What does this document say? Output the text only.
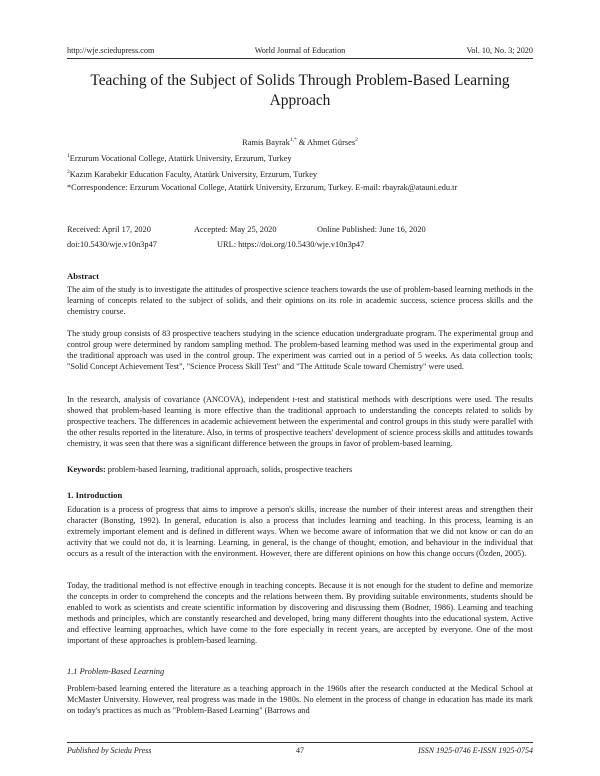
http://wje.sciedupress.com	World Journal of Education	Vol. 10, No. 3; 2020
Teaching of the Subject of Solids Through Problem-Based Learning
Approach
Ramis Bayrak$^{1,*}$ & Ahmet Gürses$^2$
$^1$Erzurum Vocational College, Atatürk University, Erzurum, Turkey
$^2$Kazım Karabekir Education Faculty, Atatürk University, Erzurum, Turkey
*Correspondence: Erzurum Vocational College, Atatürk University, Erzurum, Turkey. E-mail: rbayrak@atauni.edu.tr
Received: April 17, 2020	Accepted: May 25, 2020	Online Published: June 16, 2020
doi:10.5430/wje.v10n3p47	URL: https://doi.org/10.5430/wje.v10n3p47
Abstract

The aim of the study is to investigate the attitudes of prospective science teachers towards the use of problem-based learning methods in the learning of concepts related to the subject of solids, and their opinions on its role in academic success, science process skills and the chemistry course.

The study group consists of 83 prospective teachers studying in the science education undergraduate program. The experimental group and control group were determined by random sampling method. The problem-based learning method was used in the experimental group and the traditional approach was used in the control group. The experiment was carried out in a period of 5 weeks. As data collection tools; "Solid Concept Achievement Test", "Science Process Skill Test" and "The Attitude Scale toward Chemistry" were used.

In the research, analysis of covariance (ANCOVA), independent t-test and statistical methods with descriptions were used. The results showed that problem-based learning is more effective than the traditional approach to understanding the concepts related to solids by prospective teachers. The differences in academic achievement between the experimental and control groups in this study were parallel with the other results reported in the literature. Also, in terms of prospective teachers' development of science process skills and attitudes towards chemistry, it was seen that there was a significant difference between the groups in favor of problem-based learning.

Keywords: problem-based learning, traditional approach, solids, prospective teachers

1. Introduction

Education is a process of progress that aims to improve a person's skills, increase the number of their interest areas and strengthen their character (Bonsting, 1992). In general, education is also a process that includes learning and teaching. In this process, learning is an extremely important element and is defined in different ways. When we become aware of information that we did not know or can do an activity that we could not do, it is learning. Learning, in general, is the change of thought, emotion, and behaviour in the individual that occurs as a result of the interaction with the environment. However, there are different opinions on how this change occurs (Özden, 2005).

Today, the traditional method is not effective enough in teaching concepts. Because it is not enough for the student to define and memorize the concepts in order to comprehend the concepts and the relations between them. By providing suitable environments, students should be enabled to work as scientists and create scientific information by discovering and discussing them (Bodner, 1986). Learning and teaching methods and principles, which are constantly researched and developed, bring many different thoughts into the educational system. Active and effective learning approaches, which have come to the fore especially in recent years, are accepted by everyone. One of the most important of these approaches is problem-based learning.

1.1 Problem-Based Learning

Problem-based learning entered the literature as a teaching approach in the 1960s after the research conducted at the Medical School at McMaster University. However, real progress was made in the 1980s. No element in the process of change in education has made its mark on today's practices as much as "Problem-Based Learning" (Barrows and

Published by Sciedu Press	47	ISSN 1925-0746 E-ISSN 1925-0754
